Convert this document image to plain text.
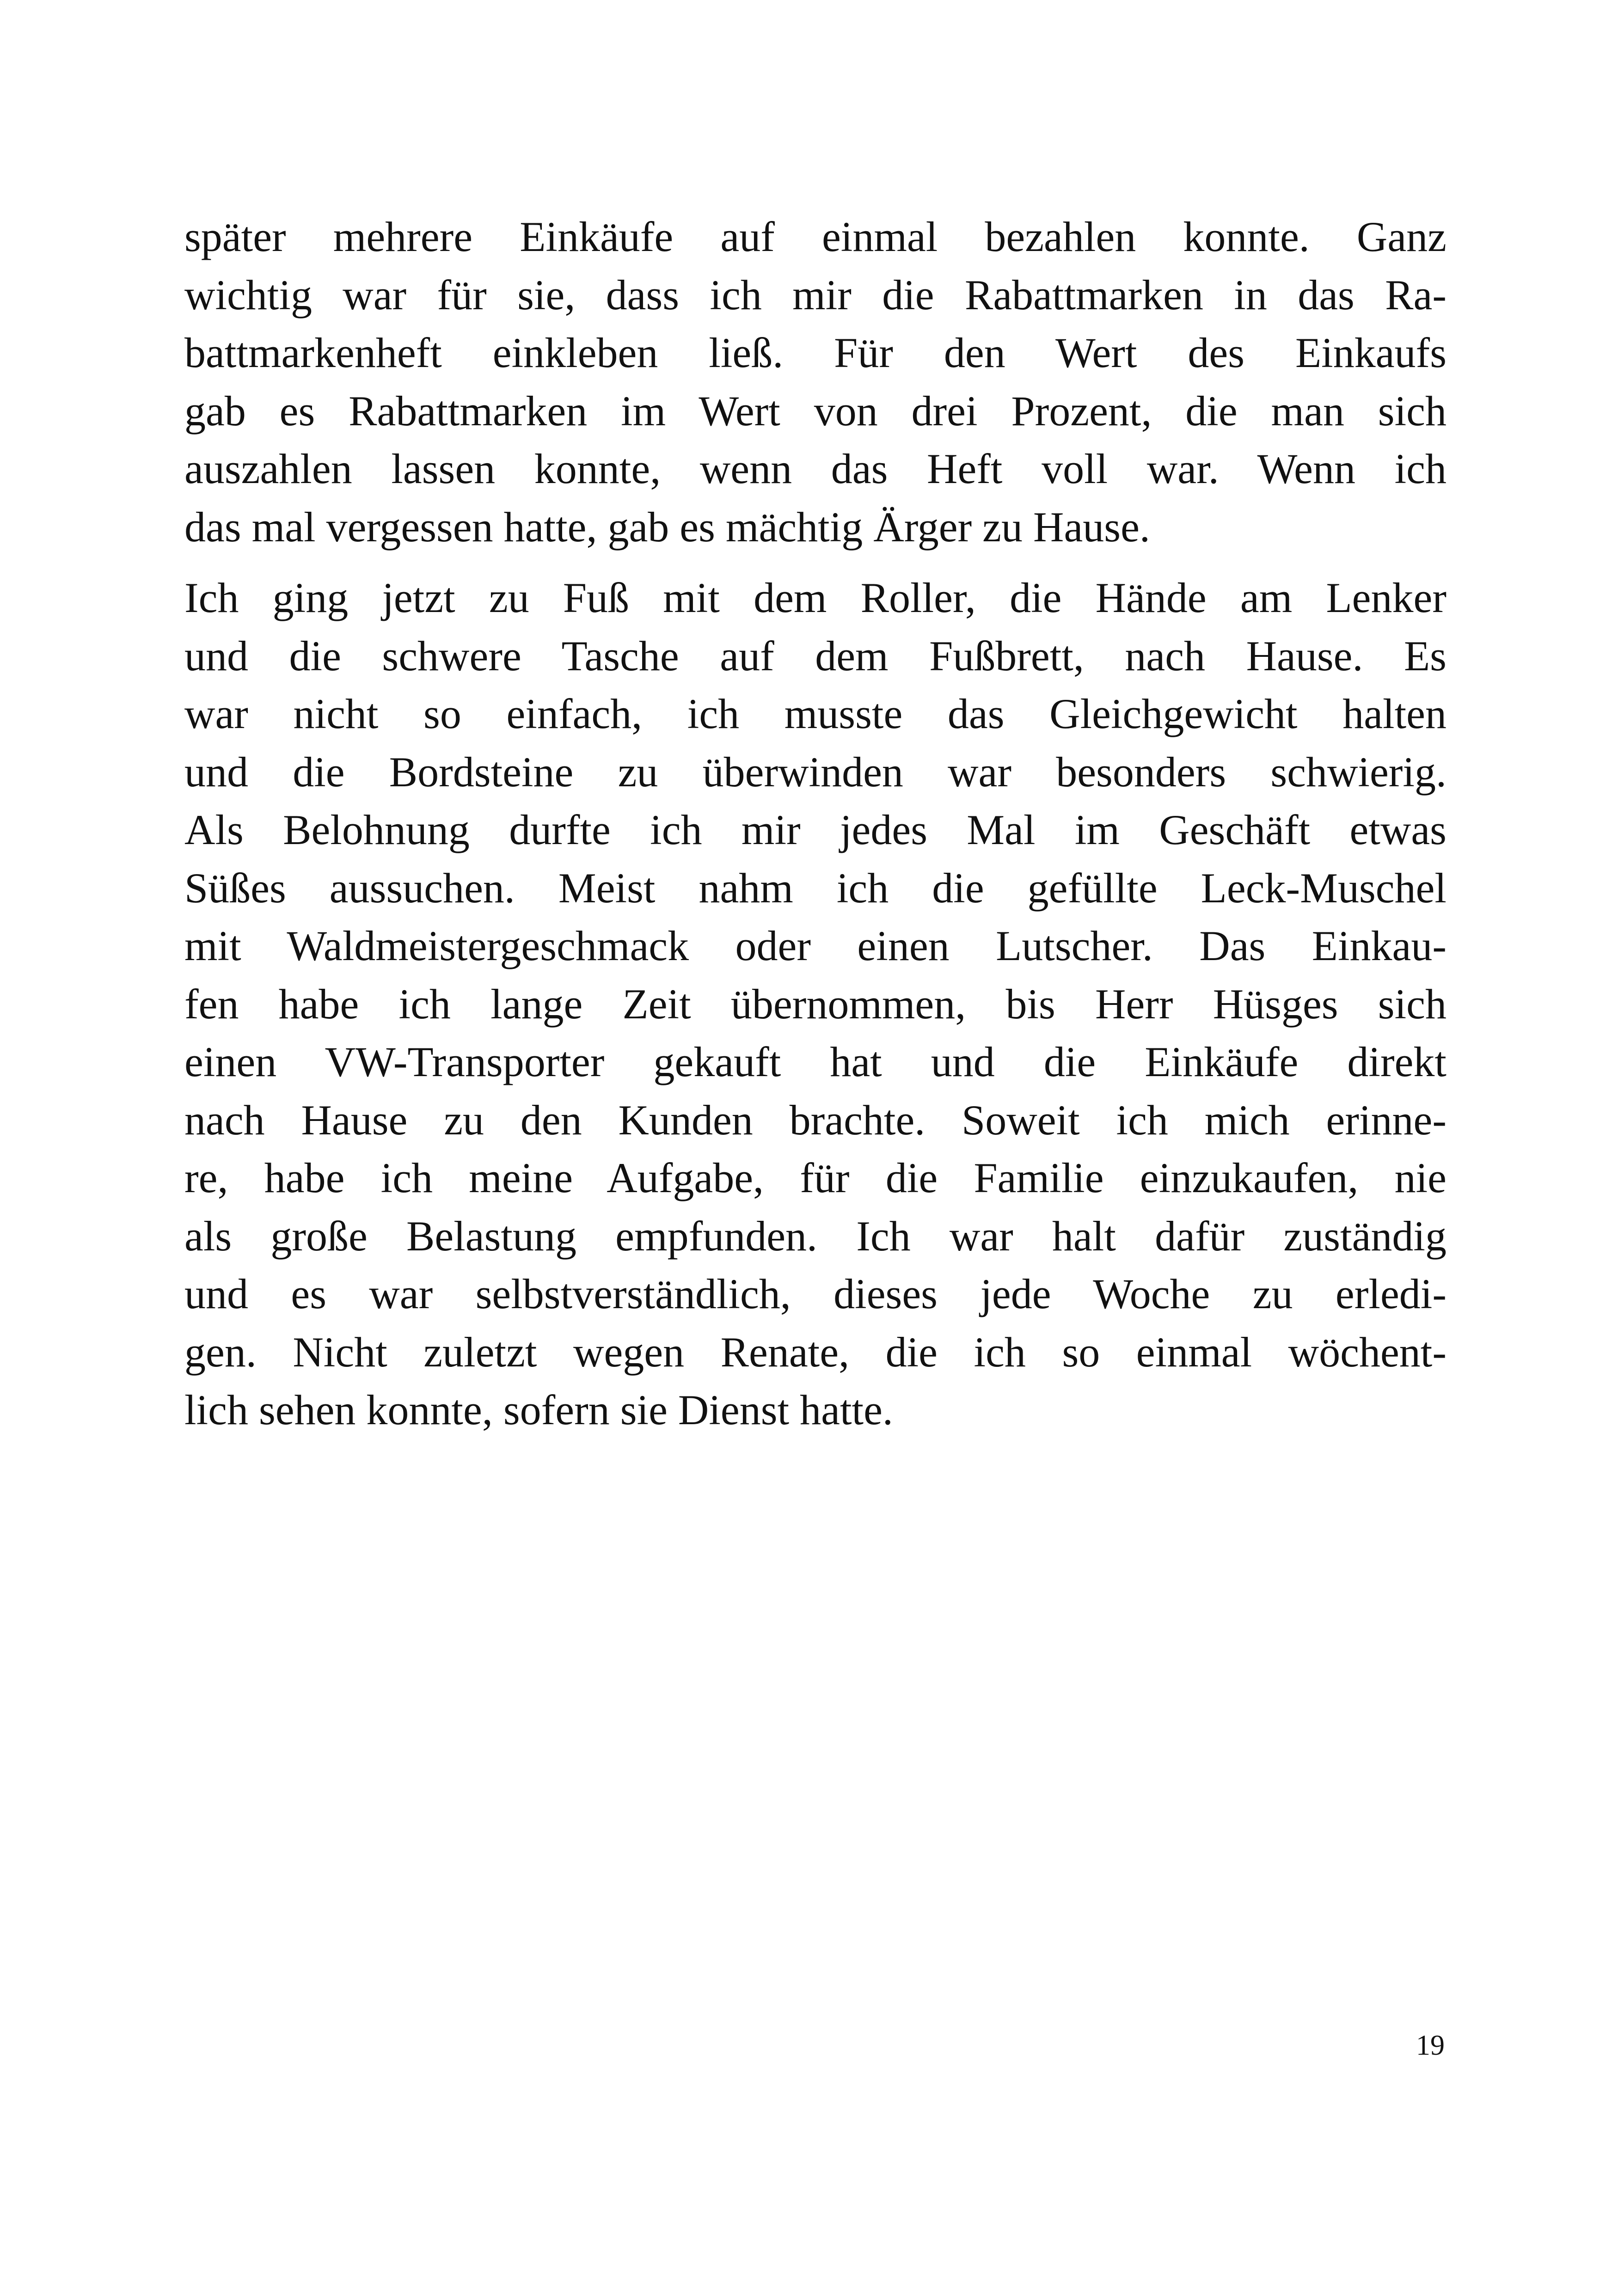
später mehrere Einkäufe auf einmal bezahlen konnte. Ganz
wichtig war für sie, dass ich mir die Rabattmarken in das Ra-
battmarkenheft einkleben ließ. Für den Wert des Einkaufs
gab es Rabattmarken im Wert von drei Prozent, die man sich
auszahlen lassen konnte, wenn das Heft voll war. Wenn ich
das mal vergessen hatte, gab es mächtig Ärger zu Hause.

Ich ging jetzt zu Fuß mit dem Roller, die Hände am Lenker
und die schwere Tasche auf dem Fußbrett, nach Hause. Es
war nicht so einfach, ich musste das Gleichgewicht halten
und die Bordsteine zu überwinden war besonders schwierig.
Als Belohnung durfte ich mir jedes Mal im Geschäft etwas
Süßes aussuchen. Meist nahm ich die gefüllte Leck-Muschel
mit Waldmeistergeschmack oder einen Lutscher. Das Einkau-
fen habe ich lange Zeit übernommen, bis Herr Hüsges sich
einen VW-Transporter gekauft hat und die Einkäufe direkt
nach Hause zu den Kunden brachte. Soweit ich mich erinne-
re, habe ich meine Aufgabe, für die Familie einzukaufen, nie
als große Belastung empfunden. Ich war halt dafür zuständig
und es war selbstverständlich, dieses jede Woche zu erledi-
gen. Nicht zuletzt wegen Renate, die ich so einmal wöchent-
lich sehen konnte, sofern sie Dienst hatte.

19
